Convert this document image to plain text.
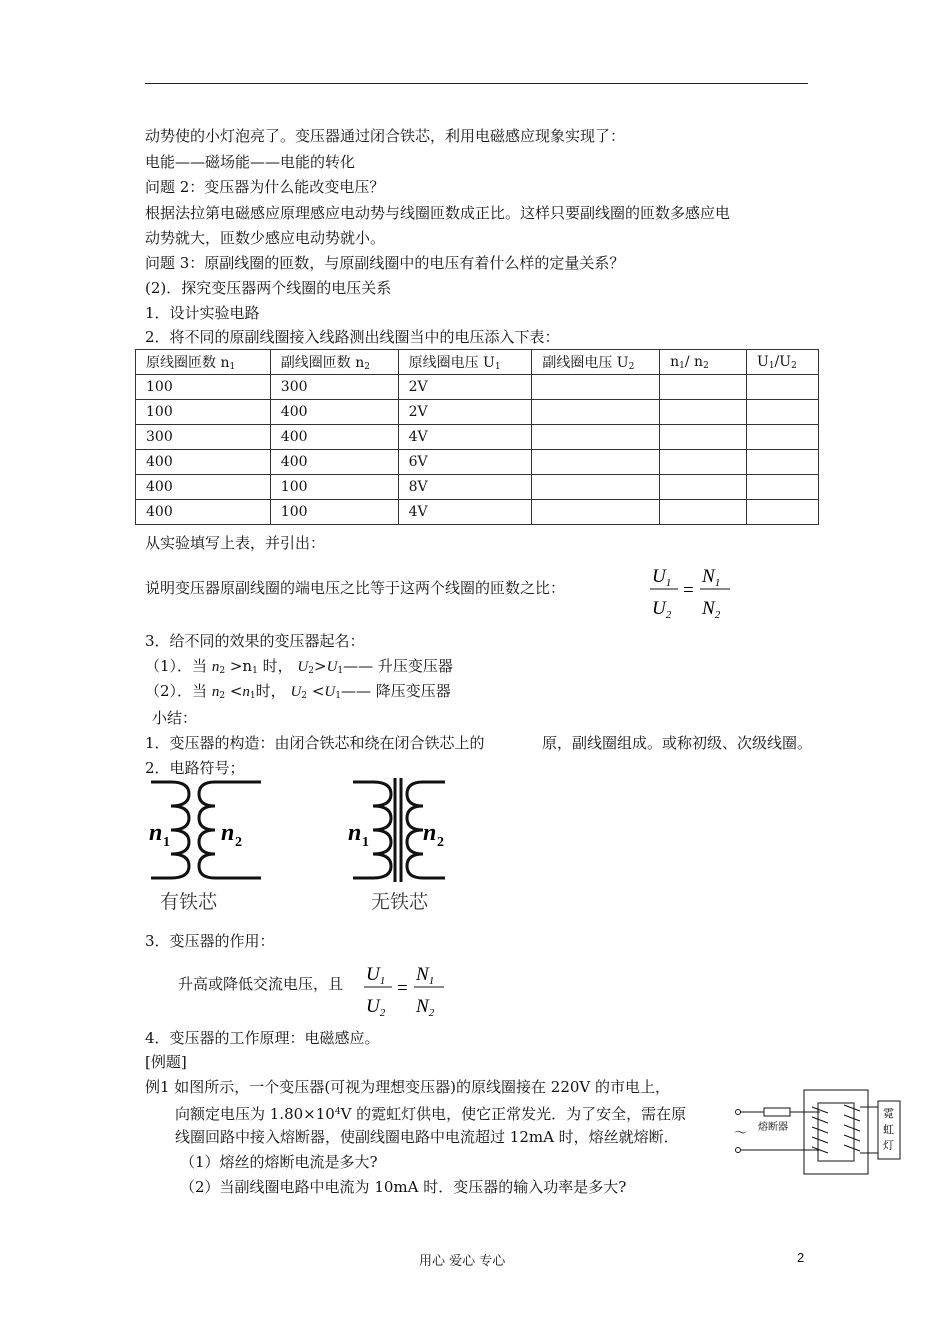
动势使的小灯泡亮了。变压器通过闭合铁芯，利用电磁感应现象实现了：
电能——磁场能——电能的转化
问题 2：变压器为什么能改变电压？
根据法拉第电磁感应原理感应电动势与线圈匝数成正比。这样只要副线圈的匝数多感应电
动势就大，匝数少感应电动势就小。
问题 3：原副线圈的匝数，与原副线圈中的电压有着什么样的定量关系？
(2)．探究变压器两个线圈的电压关系
1．设计实验电路
2．将不同的原副线圈接入线路测出线圈当中的电压添入下表：
原线圈匝数 $n_1$	副线圈匝数 $n_2$	原线圈电压 $U_1$	副线圈电压 $U_2$	$n_1/$ $n_2$	$U_1/U_2$
100	300	2V			
100	400	2V			
300	400	4V			
400	400	6V			
400	100	8V			
400	100	4V			
从实验填写上表，并引出：
说明变压器原副线圈的端电压之比等于这两个线圈的匝数之比：
$U_1$
$U_2$
=
$N_1$
$N_2$
3．给不同的效果的变压器起名：
（1）．当 $n_2 >n_1$ 时， $U_2>U_1——$ 升压变压器
（2）．当 $n_2 <n_1$时， $U_2$ $<U_1——$ 降压变压器
小结：
1．变压器的构造：由闭合铁芯和绕在闭合铁芯上的	原，副线圈组成。或称初级、次级线圈。
2．电路符号；
n 1 n 2	n 1 n 2
有铁芯	无铁芯
3．变压器的作用：
升高或降低交流电压，且 $U_1$
$U_2$
=
$N_1$
$N_2$
4．变压器的工作原理：电磁感应。
[例题]
例1 如图所示，一个变压器(可视为理想变压器)的原线圈接在 220V 的市电上，
向额定电压为 $1.80\times 10^4V$ 的霓虹灯供电，使它正常发光．为了安全，需在原
线圈回路中接入熔断器，使副线圈电路中电流超过 12mA 时，熔丝就熔断．
（1）熔丝的熔断电流是多大?
（2）当副线圈电路中电流为 10mA 时．变压器的输入功率是多大?
～ 熔断器
霓
虹
灯
用心 爱心 专心	2
